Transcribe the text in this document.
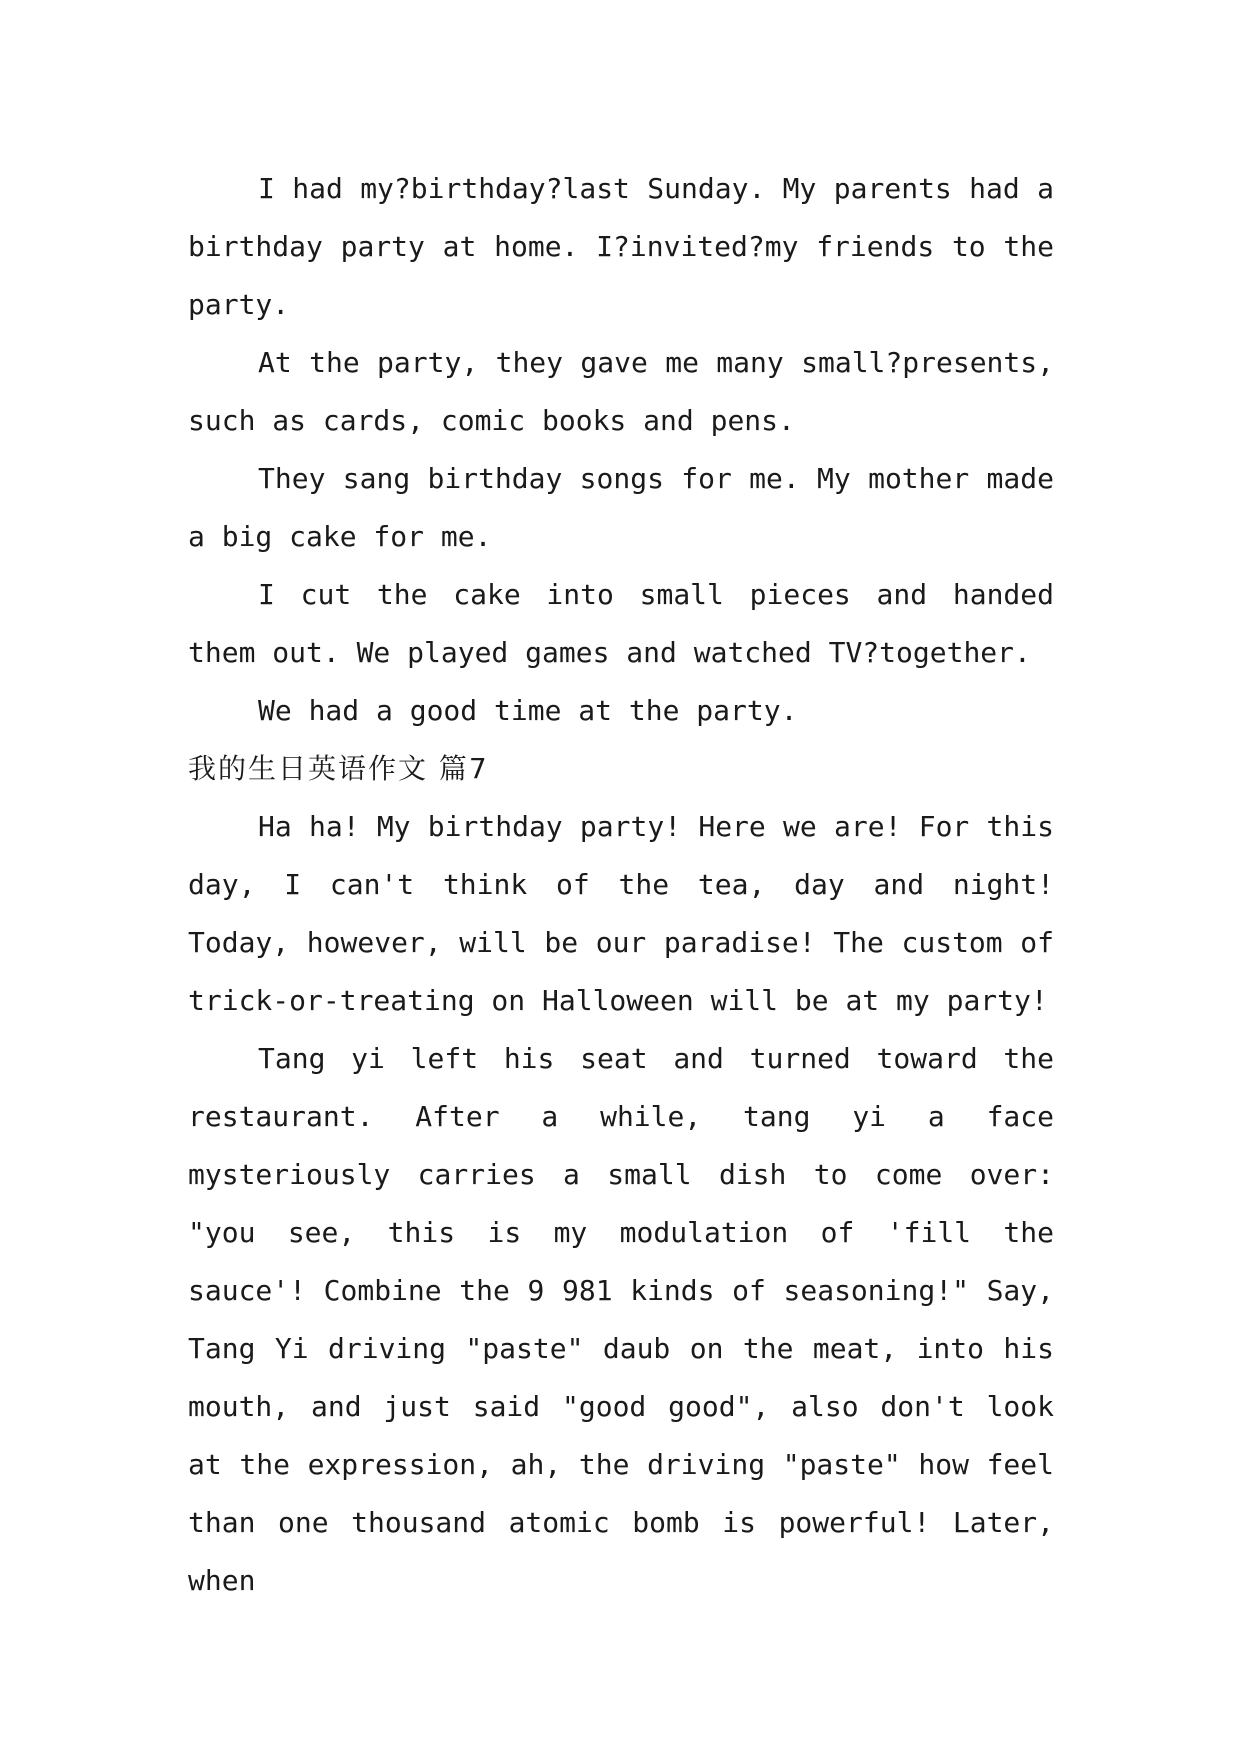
I had my?birthday?last Sunday. My parents had a birthday party at home. I?invited?my friends to the party.

At the party, they gave me many small?presents, such as cards, comic books and pens.

They sang birthday songs for me. My mother made a big cake for me.

I cut the cake into small pieces and handed them out. We played games and watched TV?together.

We had a good time at the party.

我的生日英语作文 篇7

Ha ha! My birthday party! Here we are! For this day, I can't think of the tea, day and night! Today, however, will be our paradise! The custom of trick-or-treating on Halloween will be at my party!

Tang yi left his seat and turned toward the restaurant. After a while, tang yi a face mysteriously carries a small dish to come over: "you see, this is my modulation of 'fill the sauce'! Combine the 9 981 kinds of seasoning!" Say, Tang Yi driving "paste" daub on the meat, into his mouth, and just said "good good", also don't look at the expression, ah, the driving "paste" how feel than one thousand atomic bomb is powerful! Later, when
